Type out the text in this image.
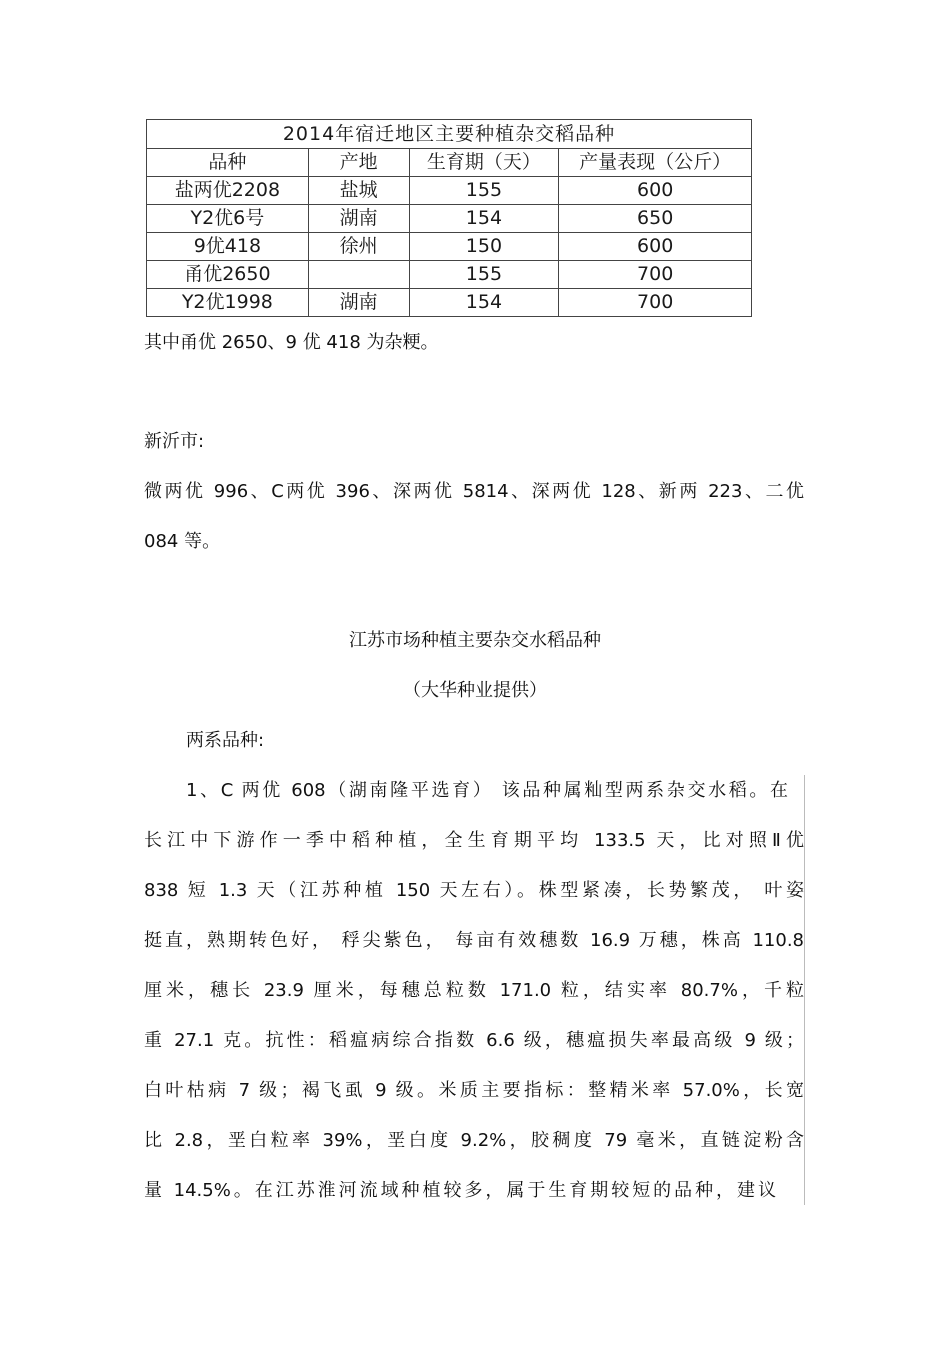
2014年宿迁地区主要种植杂交稻品种			
品种	产地	生育期（天）	产量表现（公斤）
盐两优2208	盐城	155	600
Y2优6号	湖南	154	650
9优418	徐州	150	600
甬优2650		155	700
Y2优1998	湖南	154	700
其中甬优 2650、9 优 418 为杂粳。
新沂市:
微两优 996、C两优 396、深两优 5814、深两优 128、新两 223、二优
084 等。
江苏市场种植主要杂交水稻品种
（大华种业提供）
两系品种:
1、C 两优 608（湖南隆平选育） 该品种属籼型两系杂交水稻。在
长江中下游作一季中稻种植，全生育期平均 133.5 天，比对照Ⅱ优
838 短 1.3 天（江苏种植 150 天左右）。株型紧凑，长势繁茂， 叶姿
挺直，熟期转色好， 稃尖紫色， 每亩有效穗数 16.9 万穗，株高 110.8
厘米，穗长 23.9 厘米，每穗总粒数 171.0 粒，结实率 80.7%，千粒
重 27.1 克。抗性：稻瘟病综合指数 6.6 级，穗瘟损失率最高级 9 级；
白叶枯病 7 级；褐飞虱 9 级。米质主要指标：整精米率 57.0%，长宽
比 2.8，垩白粒率 39%，垩白度 9.2%，胶稠度 79 毫米，直链淀粉含
量 14.5%。在江苏淮河流域种植较多，属于生育期较短的品种，建议
